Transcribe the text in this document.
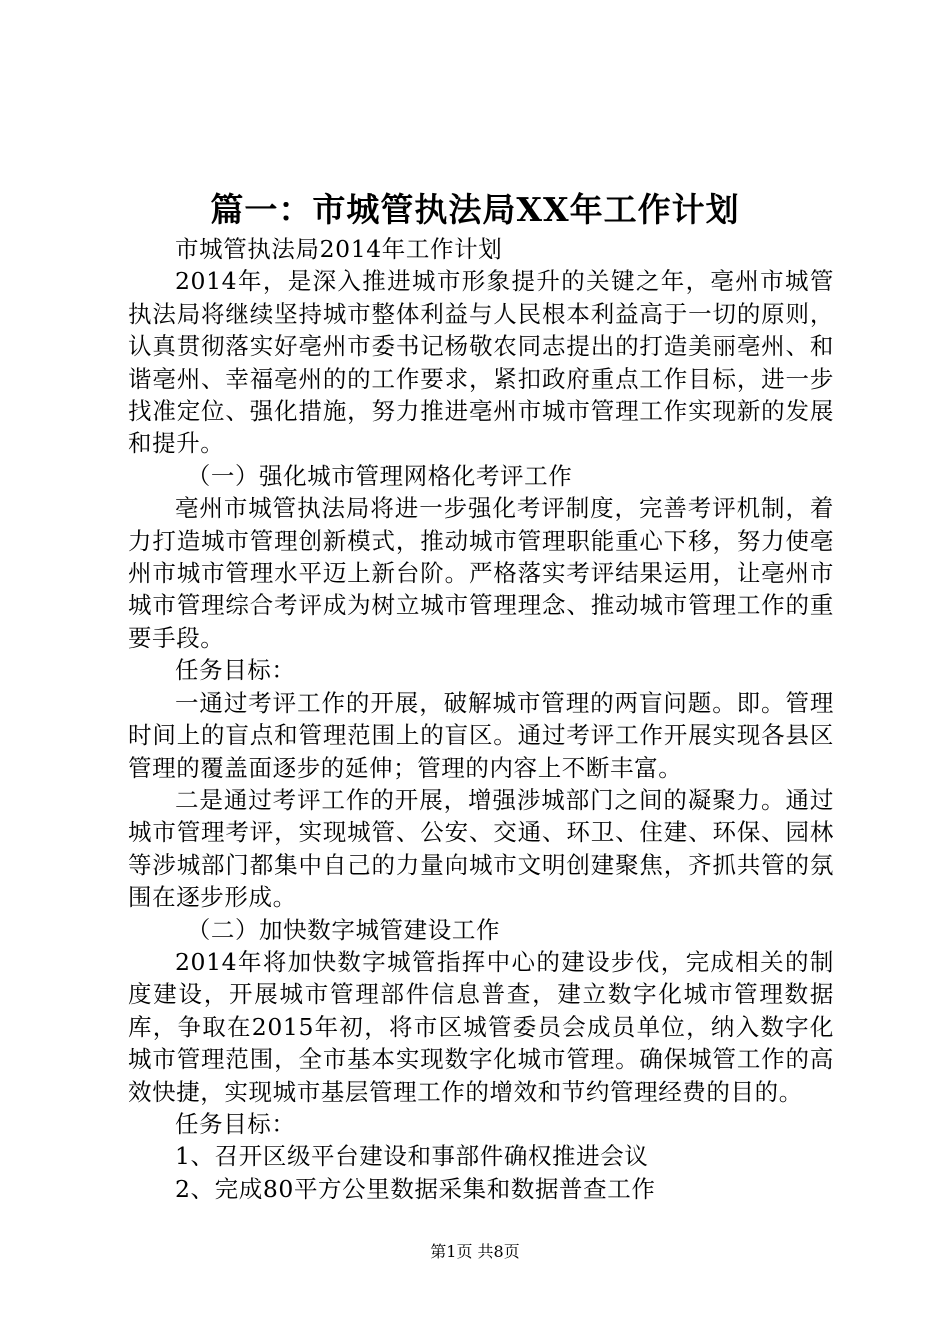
篇一：市城管执法局XX年工作计划

市城管执法局2014年工作计划

2014年，是深入推进城市形象提升的关键之年，亳州市城管执法局将继续坚持城市整体利益与人民根本利益高于一切的原则，认真贯彻落实好亳州市委书记杨敬农同志提出的打造美丽亳州、和谐亳州、幸福亳州的的工作要求，紧扣政府重点工作目标，进一步找准定位、强化措施，努力推进亳州市城市管理工作实现新的发展和提升。

（一）强化城市管理网格化考评工作

亳州市城管执法局将进一步强化考评制度，完善考评机制，着力打造城市管理创新模式，推动城市管理职能重心下移，努力使亳州市城市管理水平迈上新台阶。严格落实考评结果运用，让亳州市城市管理综合考评成为树立城市管理理念、推动城市管理工作的重要手段。

任务目标：

一通过考评工作的开展，破解城市管理的两盲问题。即。管理时间上的盲点和管理范围上的盲区。通过考评工作开展实现各县区管理的覆盖面逐步的延伸；管理的内容上不断丰富。

二是通过考评工作的开展，增强涉城部门之间的凝聚力。通过城市管理考评，实现城管、公安、交通、环卫、住建、环保、园林等涉城部门都集中自己的力量向城市文明创建聚焦，齐抓共管的氛围在逐步形成。

（二）加快数字城管建设工作

2014年将加快数字城管指挥中心的建设步伐，完成相关的制度建设，开展城市管理部件信息普查，建立数字化城市管理数据库，争取在2015年初，将市区城管委员会成员单位，纳入数字化城市管理范围，全市基本实现数字化城市管理。确保城管工作的高效快捷，实现城市基层管理工作的增效和节约管理经费的目的。

任务目标：

1、召开区级平台建设和事部件确权推进会议

2、完成80平方公里数据采集和数据普查工作

第1页 共8页
